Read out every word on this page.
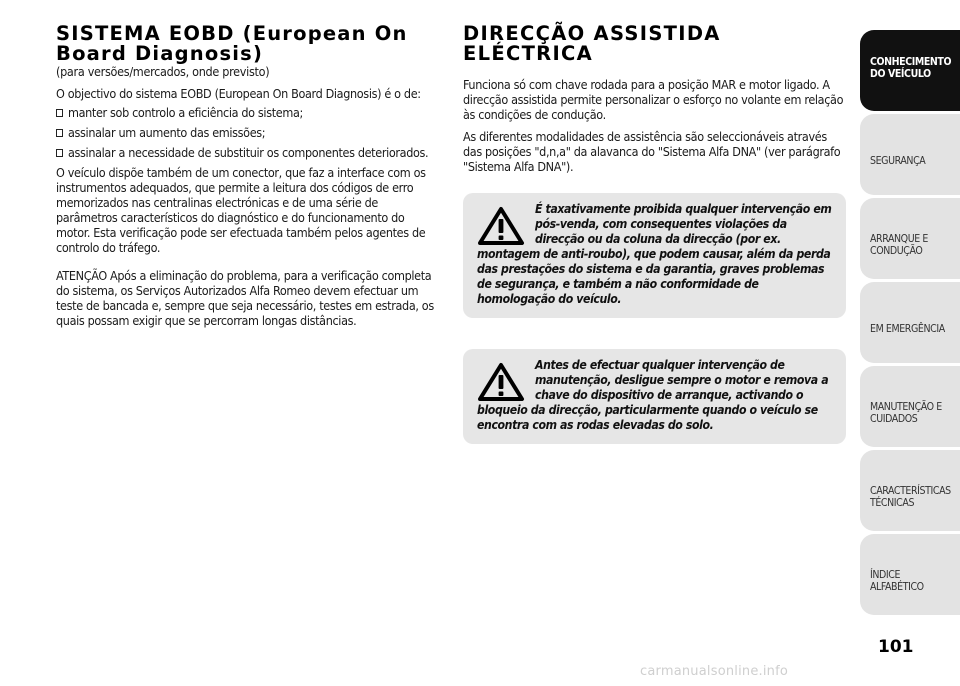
SISTEMA EOBD (European On Board Diagnosis)
(para versões/mercados, onde previsto)

O objectivo do sistema EOBD (European On Board Diagnosis) é o de:

manter sob controlo a eficiência do sistema;
assinalar um aumento das emissões;
assinalar a necessidade de substituir os componentes deteriorados.

O veículo dispõe também de um conector, que faz a interface com os instrumentos adequados, que permite a leitura dos códigos de erro memorizados nas centralinas electrónicas e de uma série de parâmetros característicos do diagnóstico e do funcionamento do motor. Esta verificação pode ser efectuada também pelos agentes de controlo do tráfego.

ATENÇÃO Após a eliminação do problema, para a verificação completa do sistema, os Serviços Autorizados Alfa Romeo devem efectuar um teste de bancada e, sempre que seja necessário, testes em estrada, os quais possam exigir que se percorram longas distâncias.

DIRECÇÃO ASSISTIDA ELÉCTRICA

Funciona só com chave rodada para a posição MAR e motor ligado. A direcção assistida permite personalizar o esforço no volante em relação às condições de condução.

As diferentes modalidades de assistência são seleccionáveis através das posições "d,n,a" da alavanca do "Sistema Alfa DNA" (ver parágrafo "Sistema Alfa DNA").

É taxativamente proibida qualquer intervenção em pós-venda, com consequentes violações da direcção ou da coluna da direcção (por ex. montagem de anti-roubo), que podem causar, além da perda das prestações do sistema e da garantia, graves problemas de segurança, e também a não conformidade de homologação do veículo.
Antes de efectuar qualquer intervenção de manutenção, desligue sempre o motor e remova a chave do dispositivo de arranque, activando o bloqueio da direcção, particularmente quando o veículo se encontra com as rodas elevadas do solo.
CONHECIMENTO DO VEÍCULO
SEGURANÇA
ARRANQUE E CONDUÇÃO
EM EMERGÊNCIA
MANUTENÇÃO E CUIDADOS
CARACTERÍSTICAS TÉCNICAS
ÍNDICE ALFABÉTICO
101
carmanualsonline.info
